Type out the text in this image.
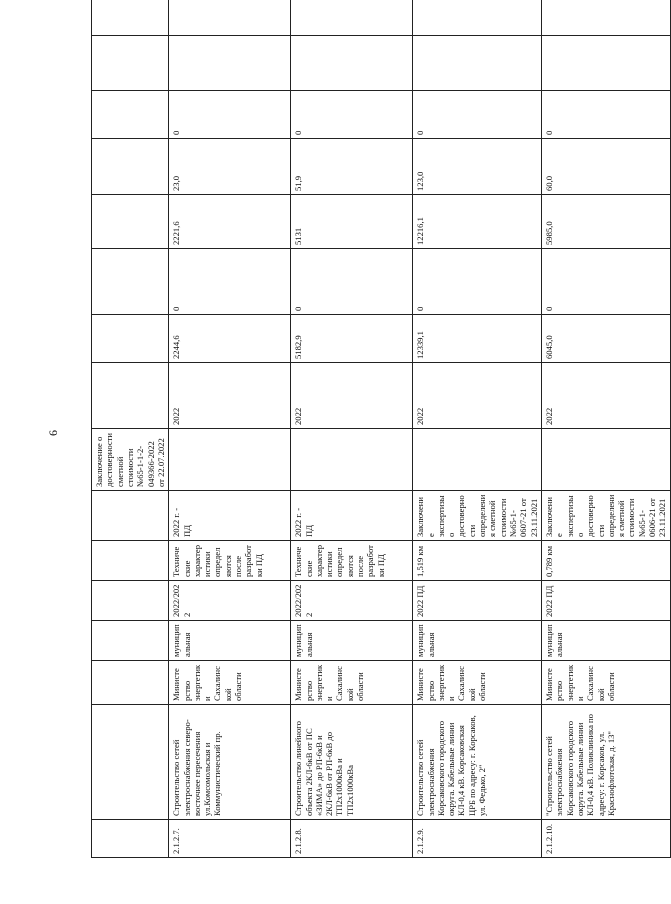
6
							Заключение о достоверности сметной стоимости №65-1-1-2-049366-2022 от 22.07.2022								
2.1.2.7.	Строительство сетей электроснабжения северо-восточнее пересечения ул.Комсомольская и Коммунистический пр.	Министерство энергетики Сахалинской области	муниципальная	2022/2022	Технические характеристики определяются после разработки ПД	2022 г. - ПД		2022	2244,6	0	2221,6	23,0	0		
2.1.2.8.	Строительство линейного объекта 2КЛ-6кВ от ПС «ЗИМА» до РП-6кВ и 2КЛ-6кВ от РП-6кВ до ТП2х1000кВа и ТП2х1000кВа	Министерство энергетики Сахалинской области	муниципальная	2022/2022	Технические характеристики определяются после разработки ПД	2022 г. - ПД		2022	5182,9	0	5131	51,9	0		
2.1.2.9.	Строительство сетей электроснабжения Корсаковского городского округа. Кабельные линии КЛ-0,4 кВ. Корсаковская ЦРБ по адресу: г. Корсаков, ул. Федько, 2"	Министерство энергетики Сахалинской области	муниципальная	2022 ПД	1,519 км	Заключение экспертизы о достоверности определения сметной стоимости №65-1-0607-21 от 23.11.2021		2022	12339,1	0	12216,1	123,0	0		
2.1.2.10.	"Строительство сетей электроснабжения Корсаковского городского округа. Кабельные линии КЛ-0,4 кВ. Поликлиника по адресу: г. Корсаков, ул. Краснофлотская, д. 13"	Министерство энергетики Сахалинской области	муниципальная	2022 ПД	0,789 км	Заключение экспертизы о достоверности определения сметной стоимости №65-1-0606-21 от 23.11.2021		2022	6045,0	0	5985,0	60,0	0		
